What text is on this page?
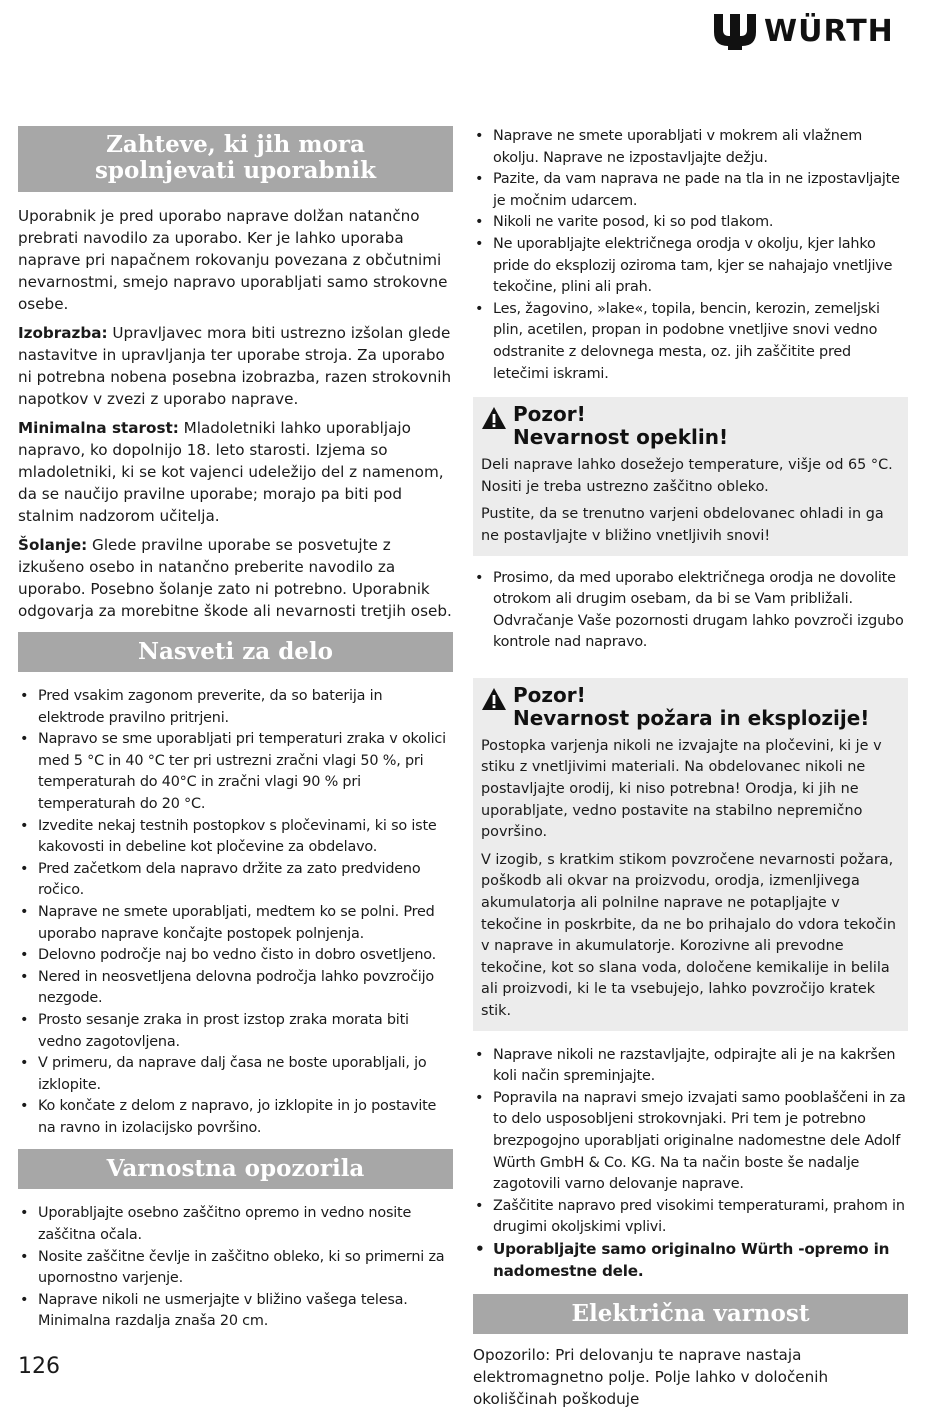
WÜRTH
Zahteve, ki jih mora spolnjevati uporabnik

Uporabnik je pred uporabo naprave dolžan natančno prebrati navodilo za uporabo. Ker je lahko uporaba naprave pri napačnem rokovanju povezana z občutnimi nevarnostmi, smejo napravo uporabljati samo strokovne osebe.

Izobrazba: Upravljavec mora biti ustrezno izšolan glede nastavitve in upravljanja ter uporabe stroja. Za uporabo ni potrebna nobena posebna izobrazba, razen strokovnih napotkov v zvezi z uporabo naprave.

Minimalna starost: Mladoletniki lahko uporabljajo napravo, ko dopolnijo 18. leto starosti. Izjema so mladoletniki, ki se kot vajenci udeležijo del z namenom, da se naučijo pravilne uporabe; morajo pa biti pod stalnim nadzorom učitelja.

Šolanje: Glede pravilne uporabe se posvetujte z izkušeno osebo in natančno preberite navodilo za uporabo. Posebno šolanje zato ni potrebno. Uporabnik odgovarja za morebitne škode ali nevarnosti tretjih oseb.

Nasveti za delo
• Pred vsakim zagonom preverite, da so baterija in elektrode pravilno pritrjeni.
• Napravo se sme uporabljati pri temperaturi zraka v okolici med 5 °C in 40 °C ter pri ustrezni zračni vlagi 50 %, pri temperaturah do 40°C in zračni vlagi 90 % pri temperaturah do 20 °C.
• Izvedite nekaj testnih postopkov s pločevinami, ki so iste kakovosti in debeline kot pločevine za obdelavo.
• Pred začetkom dela napravo držite za zato predvideno ročico.
• Naprave ne smete uporabljati, medtem ko se polni. Pred uporabo naprave končajte postopek polnjenja.
• Delovno področje naj bo vedno čisto in dobro osvetljeno.
• Nered in neosvetljena delovna področja lahko povzročijo nezgode.
• Prosto sesanje zraka in prost izstop zraka morata biti vedno zagotovljena.
• V primeru, da naprave dalj časa ne boste uporabljali, jo izklopite.
• Ko končate z delom z napravo, jo izklopite in jo postavite na ravno in izolacijsko površino.
Varnostna opozorila
• Uporabljajte osebno zaščitno opremo in vedno nosite zaščitna očala.
• Nosite zaščitne čevlje in zaščitno obleko, ki so primerni za upornostno varjenje.
• Naprave nikoli ne usmerjajte v bližino vašega telesa. Minimalna razdalja znaša 20 cm.
• Naprave ne smete uporabljati v mokrem ali vlažnem okolju. Naprave ne izpostavljajte dežju.
• Pazite, da vam naprava ne pade na tla in ne izpostavljajte je močnim udarcem.
• Nikoli ne varite posod, ki so pod tlakom.
• Ne uporabljajte električnega orodja v okolju, kjer lahko pride do eksplozij oziroma tam, kjer se nahajajo vnetljive tekočine, plini ali prah.
• Les, žagovino, »lake«, topila, bencin, kerozin, zemeljski plin, acetilen, propan in podobne vnetljive snovi vedno odstranite z delovnega mesta, oz. jih zaščitite pred letečimi iskrami.
Pozor!
Nevarnost opeklin!

Deli naprave lahko dosežejo temperature, višje od 65 °C. Nositi je treba ustrezno zaščitno obleko.

Pustite, da se trenutno varjeni obdelovanec ohladi in ga ne postavljajte v bližino vnetljivih snovi!

• Prosimo, da med uporabo električnega orodja ne dovolite otrokom ali drugim osebam, da bi se Vam približali. Odvračanje Vaše pozornosti drugam lahko povzroči izgubo kontrole nad napravo.
Pozor!
Nevarnost požara in eksplozije!

Postopka varjenja nikoli ne izvajajte na pločevini, ki je v stiku z vnetljivimi materiali. Na obdelovanec nikoli ne postavljajte orodij, ki niso potrebna! Orodja, ki jih ne uporabljate, vedno postavite na stabilno nepremično površino.

V izogib, s kratkim stikom povzročene nevarnosti požara, poškodb ali okvar na proizvodu, orodja, izmenljivega akumulatorja ali polnilne naprave ne potapljajte v tekočine in poskrbite, da ne bo prihajalo do vdora tekočin v naprave in akumulatorje. Korozivne ali prevodne tekočine, kot so slana voda, določene kemikalije in belila ali proizvodi, ki le ta vsebujejo, lahko povzročijo kratek stik.

• Naprave nikoli ne razstavljajte, odpirajte ali je na kakršen koli način spreminjajte.
• Popravila na napravi smejo izvajati samo pooblaščeni in za to delo usposobljeni strokovnjaki. Pri tem je potrebno brezpogojno uporabljati originalne nadomestne dele Adolf Würth GmbH & Co. KG. Na ta način boste še nadalje zagotovili varno delovanje naprave.
• Zaščitite napravo pred visokimi temperaturami, prahom in drugimi okoljskimi vplivi.
• Uporabljajte samo originalno Würth -opremo in nadomestne dele.
Električna varnost

Opozorilo: Pri delovanju te naprave nastaja elektromagnetno polje. Polje lahko v določenih okoliščinah poškoduje

126
